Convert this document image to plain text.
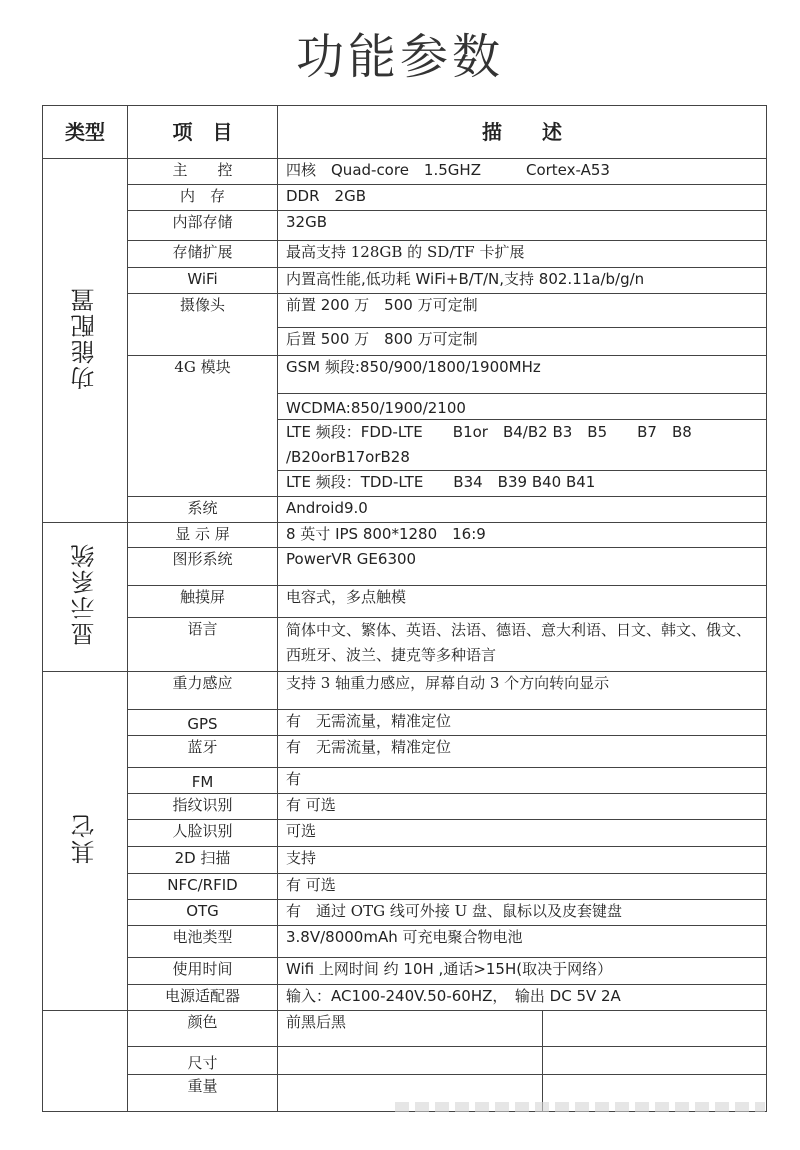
功能参数
类型	项　目	描　　述	
功能配置	主　　控	四核　Quad-core　1.5GHZ　　　Cortex-A53	
	内　存	DDR　2GB	
	内部存储	32GB	
	存储扩展	最高支持 128GB 的 SD/TF 卡扩展	
	WiFi	内置高性能,低功耗 WiFi+B/T/N,支持 802.11a/b/g/n	
	摄像头	前置 200 万　500 万可定制	
		后置 500 万　800 万可定制	
	4G 模块	GSM 频段:850/900/1800/1900MHz	
		WCDMA:850/1900/2100	
		LTE 频段：FDD-LTE　　B1or　B4/B2 B3　B5　　B7　B8 /B20orB17orB28	
		LTE 频段：TDD-LTE　　B34　B39 B40 B41	

	系统	Android9.0	
显示系统	显 示 屏	8 英寸 IPS 800*1280　16:9	
	图形系统	PowerVR GE6300	
	触摸屏	电容式，多点触模	
	语言	简体中文、繁体、英语、法语、德语、意大利语、日文、韩文、俄文、西班牙、波兰、捷克等多种语言	
其它	重力感应	支持 3 轴重力感应，屏幕自动 3 个方向转向显示	
	GPS	有　无需流量，精准定位	
	蓝牙	有　无需流量，精准定位	
	FM	有	
	指纹识别	有 可选	
	人脸识别	可选	
	2D 扫描	支持	
	NFC/RFID	有 可选	
	OTG	有　通过 OTG 线可外接 U 盘、鼠标以及皮套键盘	
	电池类型	3.8V/8000mAh 可充电聚合物电池	
	使用时间	Wifi 上网时间 约 10H ,通话>15H(取决于网络）	
	电源适配器	输入：AC100-240V.50-60HZ，　输出 DC 5V 2A	

	颜色	前黑后黑	
	尺寸		
	重量		
